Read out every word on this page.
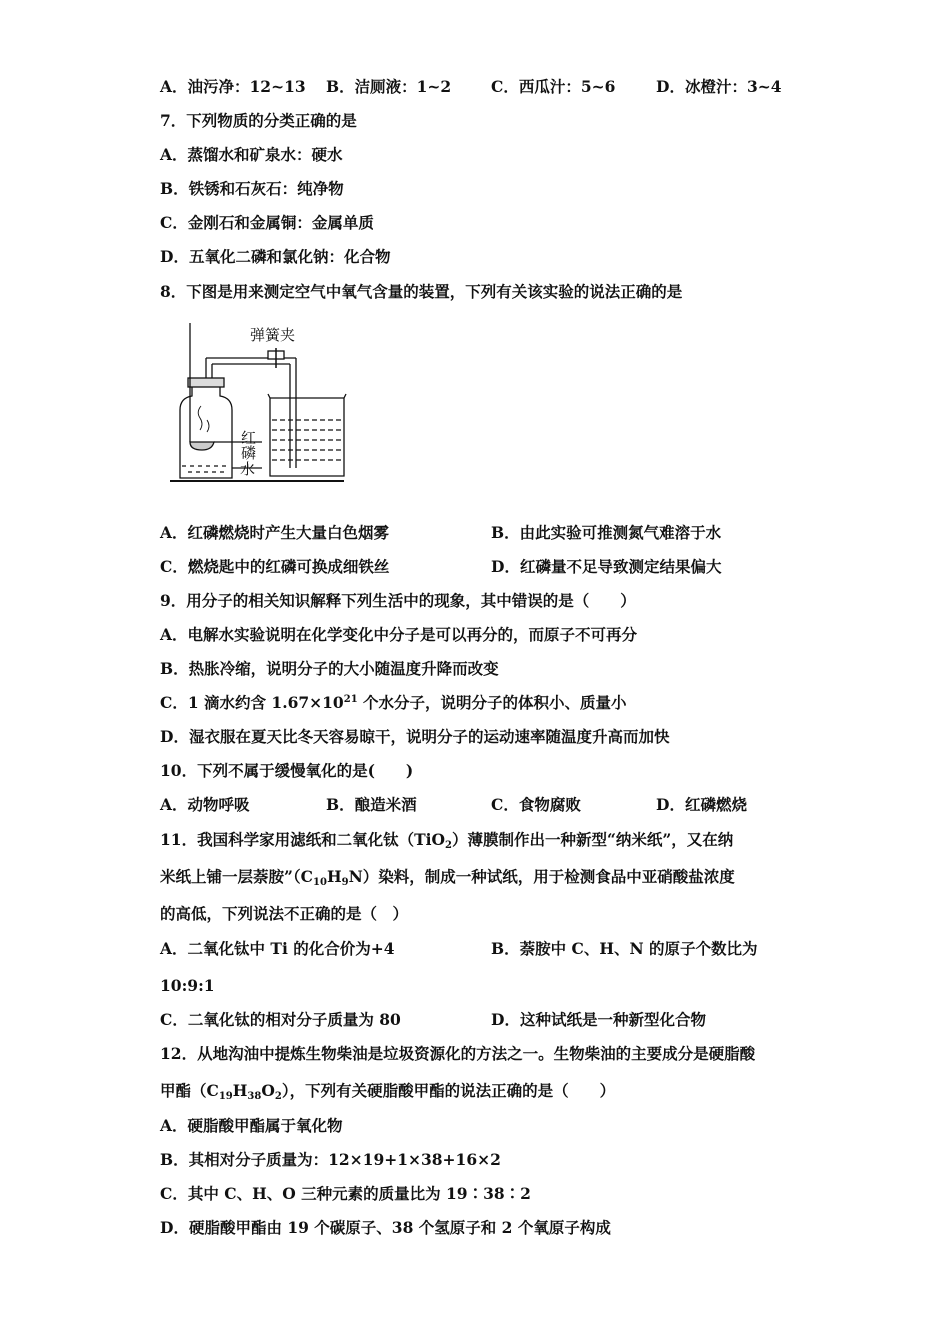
A．油污净：12~13 B．洁厕液：1~2	C．西瓜汁：5~6	D．冰橙汁：3~4
7．下列物质的分类正确的是
A．蒸馏水和矿泉水：硬水
B．铁锈和石灰石：纯净物
C．金刚石和金属铜：金属单质
D．五氧化二磷和氯化钠：化合物
8．下图是用来测定空气中氧气含量的装置，下列有关该实验的说法正确的是
弹簧夹
红磷
水
A．红磷燃烧时产生大量白色烟雾	B．由此实验可推测氮气难溶于水
C．燃烧匙中的红磷可换成细铁丝	D．红磷量不足导致测定结果偏大
9．用分子的相关知识解释下列生活中的现象，其中错误的是（　　）
A．电解水实验说明在化学变化中分子是可以再分的，而原子不可再分
B．热胀冷缩，说明分子的大小随温度升降而改变
C．1 滴水约含 $1.67\times 10^{21}$ 个水分子，说明分子的体积小、质量小
D．湿衣服在夏天比冬天容易晾干，说明分子的运动速率随温度升高而加快
10．下列不属于缓慢氧化的是(　　)
A．动物呼吸	B．酿造米酒	C．食物腐败	D．红磷燃烧
11．我国科学家用滤纸和二氧化钛（TiO$_2$）薄膜制作出一种新型“纳米纸”，又在纳
米纸上铺一层萘胺$”(C_{10}H_9N)$染料，制成一种试纸，用于检测食品中亚硝酸盐浓度
的高低，下列说法不正确的是（　）
A．二氧化钛中 Ti 的化合价为+4	B．萘胺中 C、H、N 的原子个数比为
10:9:1
C．二氧化钛的相对分子质量为 80	D．这种试纸是一种新型化合物
12．从地沟油中提炼生物柴油是垃圾资源化的方法之一。生物柴油的主要成分是硬脂酸
甲酯$(C_{19}H_{38}O_2)$，下列有关硬脂酸甲酯的说法正确的是（　　）
A．硬脂酸甲酯属于氧化物
B．其相对分子质量为：12×19+1×38+16×2
C．其中 C、H、O 三种元素的质量比为 19∶38∶2
D．硬脂酸甲酯由 19 个碳原子、38 个氢原子和 2 个氧原子构成
